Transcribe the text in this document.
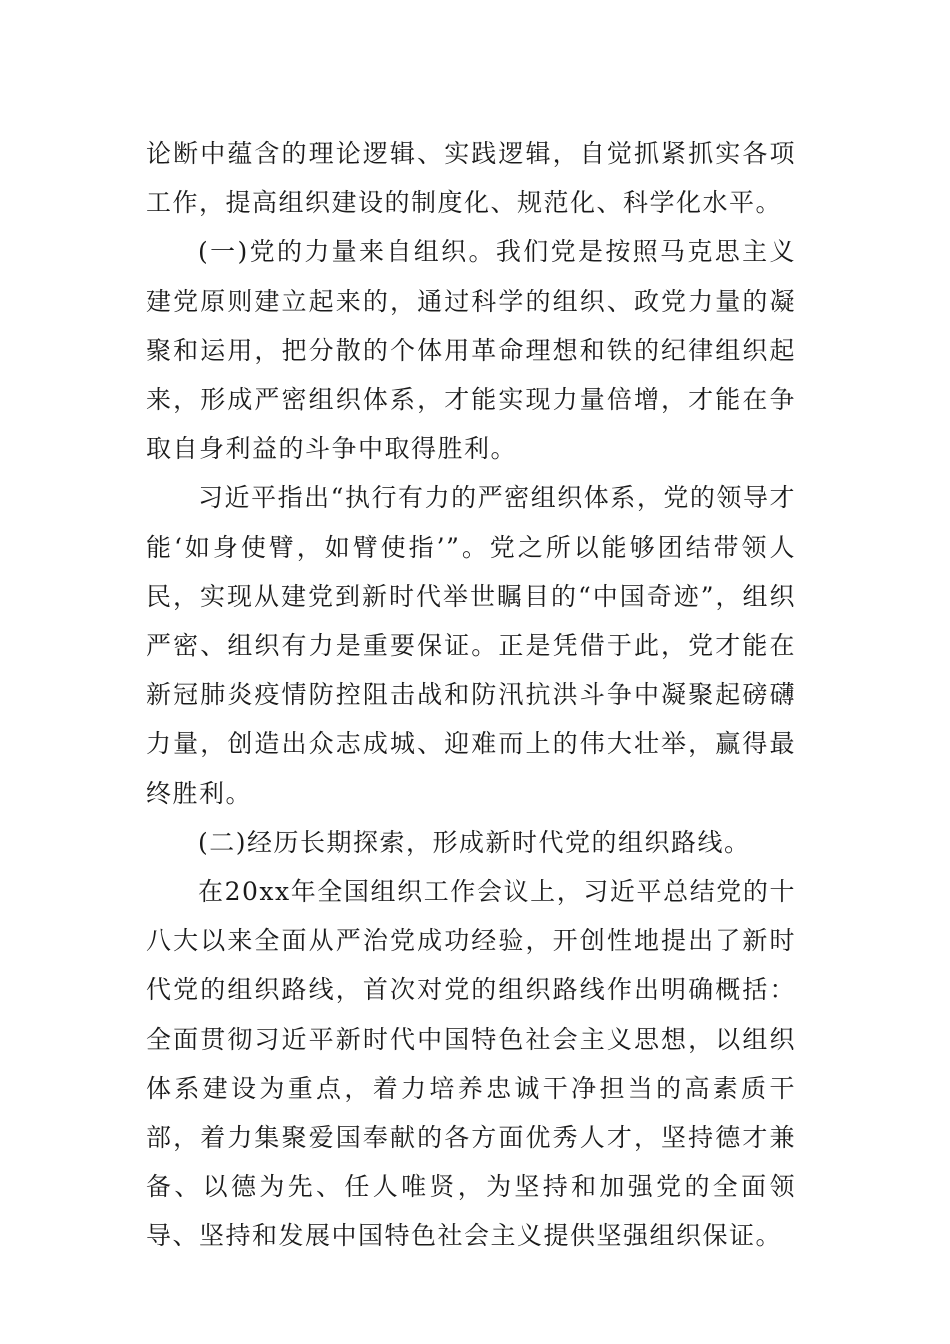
论断中蕴含的理论逻辑、实践逻辑，自觉抓紧抓实各项工作，提高组织建设的制度化、规范化、科学化水平。

(一)党的力量来自组织。我们党是按照马克思主义建党原则建立起来的，通过科学的组织、政党力量的凝聚和运用，把分散的个体用革命理想和铁的纪律组织起来，形成严密组织体系，才能实现力量倍增，才能在争取自身利益的斗争中取得胜利。

习近平指出“执行有力的严密组织体系，党的领导才能‘如身使臂，如臂使指’”。党之所以能够团结带领人民，实现从建党到新时代举世瞩目的“中国奇迹”，组织严密、组织有力是重要保证。正是凭借于此，党才能在新冠肺炎疫情防控阻击战和防汛抗洪斗争中凝聚起磅礴力量，创造出众志成城、迎难而上的伟大壮举，赢得最终胜利。

(二)经历长期探索，形成新时代党的组织路线。

在20xx年全国组织工作会议上，习近平总结党的十八大以来全面从严治党成功经验，开创性地提出了新时代党的组织路线，首次对党的组织路线作出明确概括：全面贯彻习近平新时代中国特色社会主义思想，以组织体系建设为重点，着力培养忠诚干净担当的高素质干部，着力集聚爱国奉献的各方面优秀人才，坚持德才兼备、以德为先、任人唯贤，为坚持和加强党的全面领导、坚持和发展中国特色社会主义提供坚强组织保证。
